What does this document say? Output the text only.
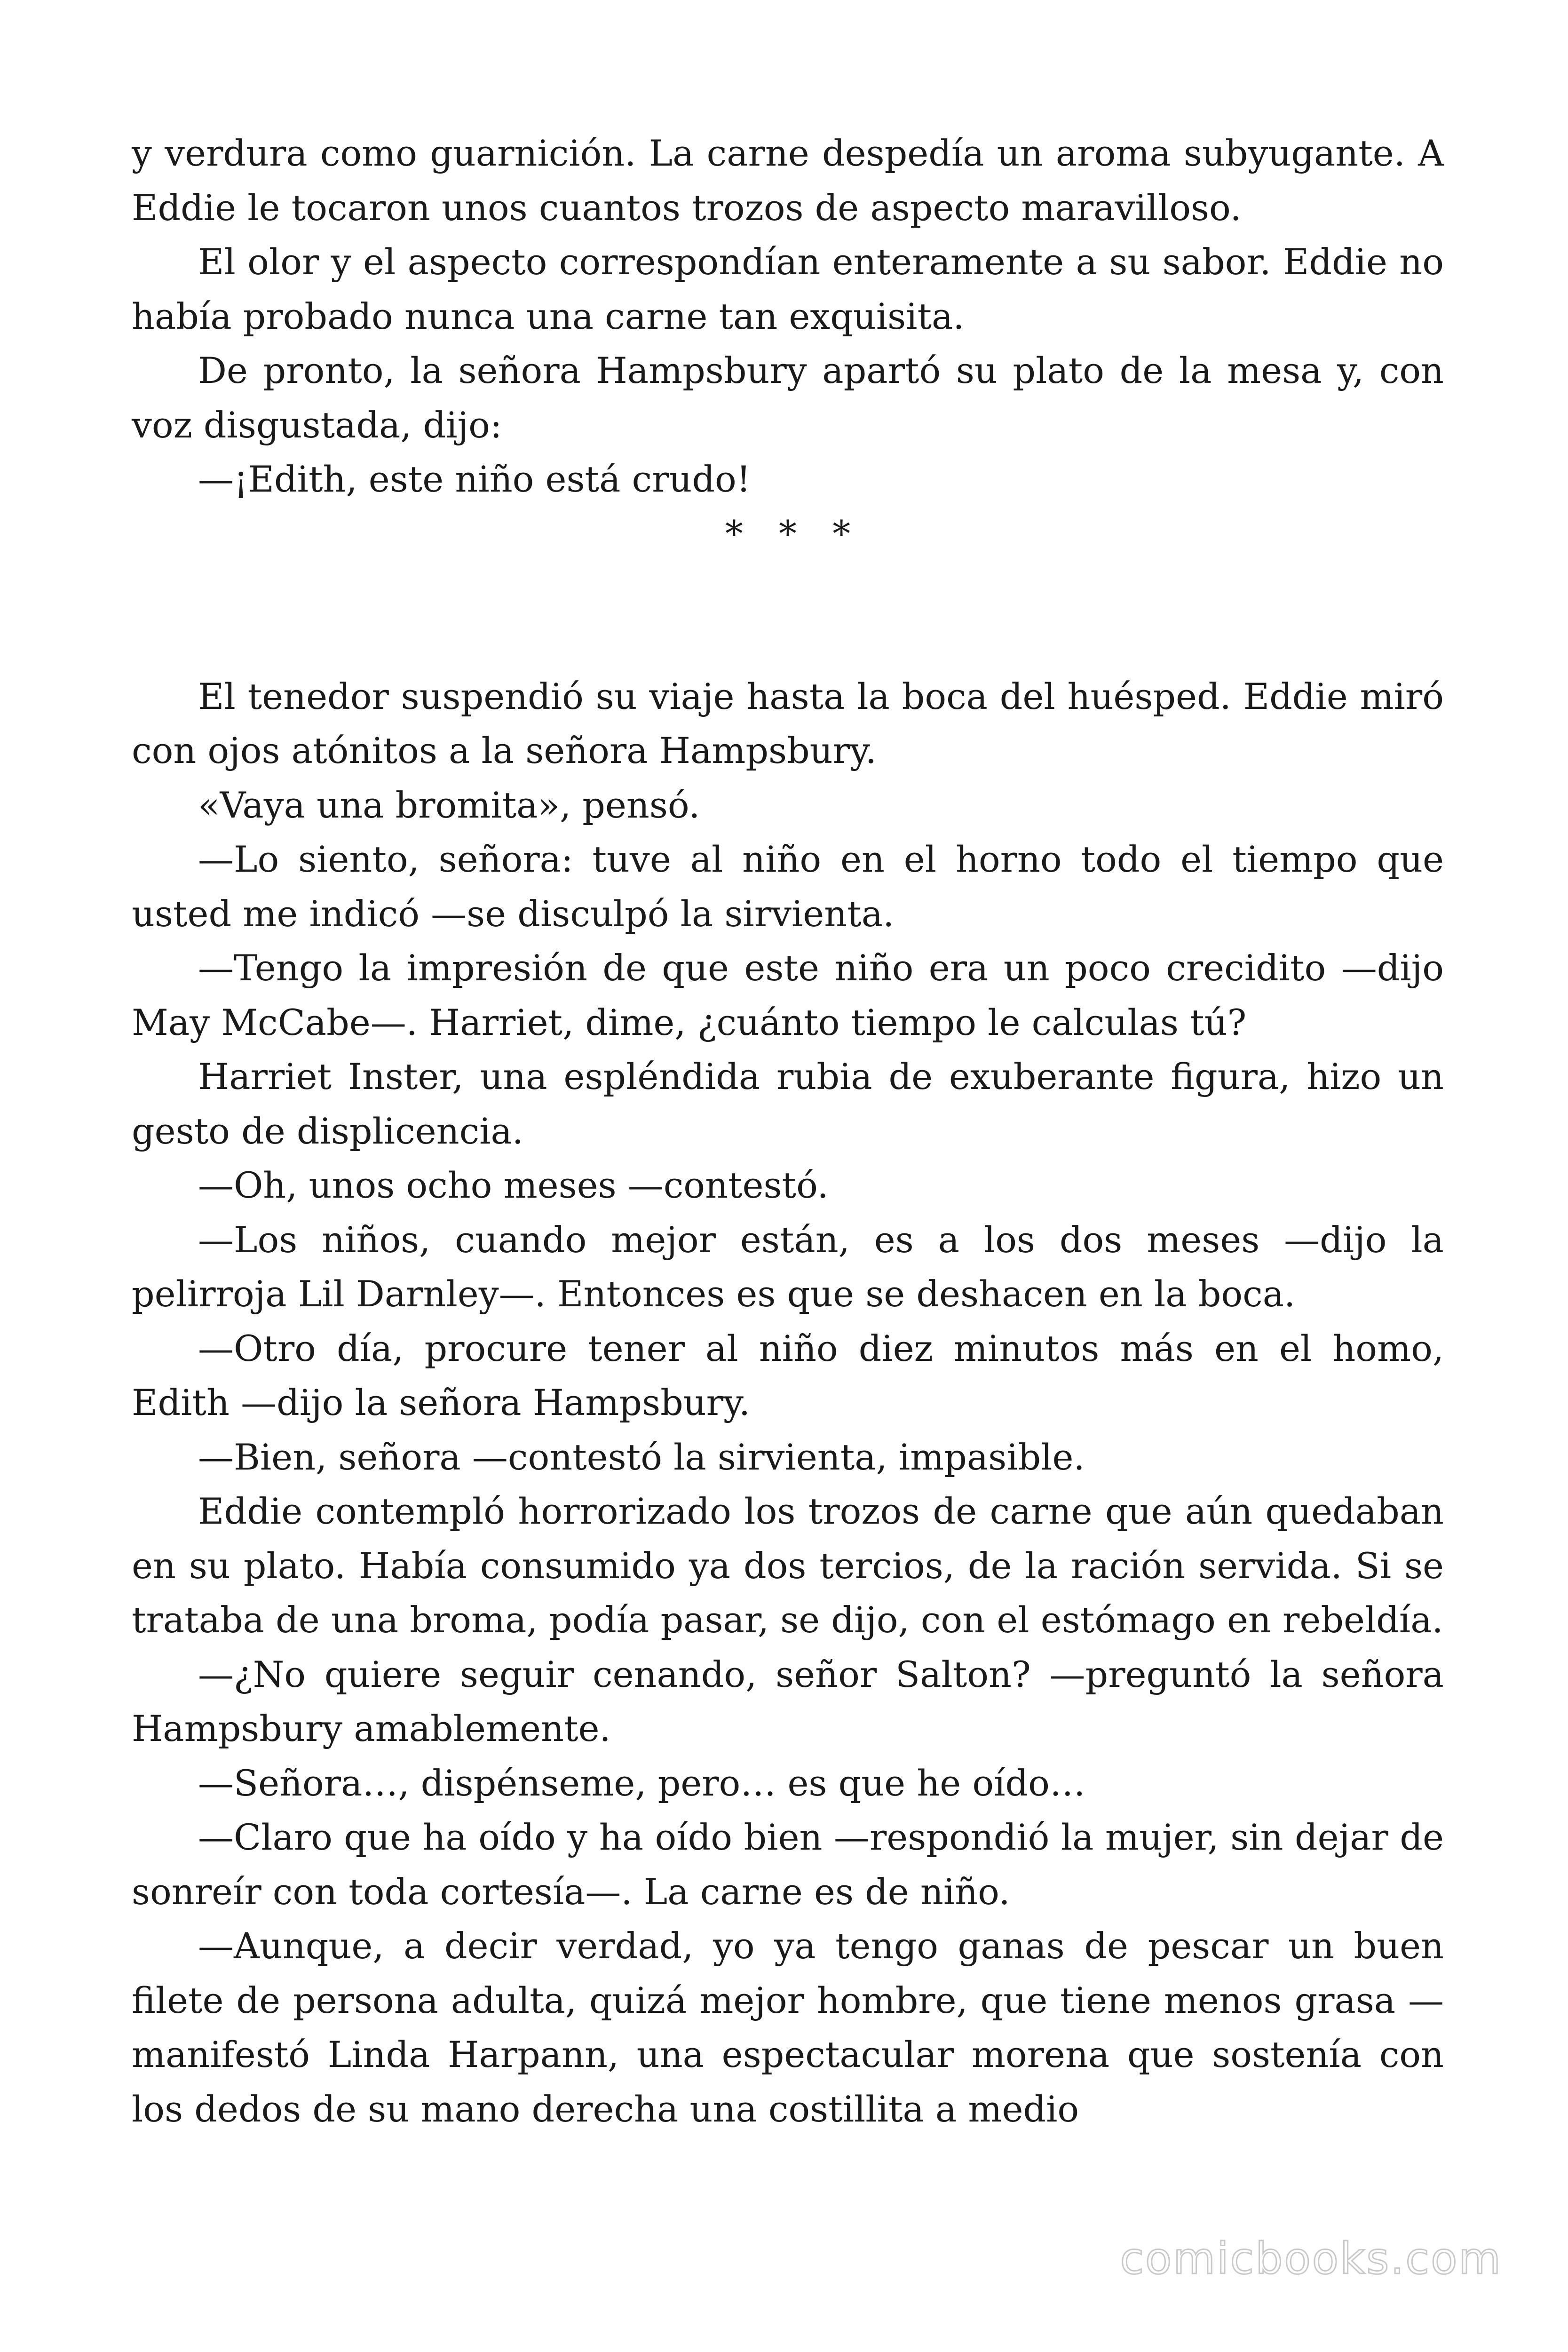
y verdura como guarnición. La carne despedía un aroma subyugante. A Eddie le tocaron unos cuantos trozos de aspecto maravilloso.

El olor y el aspecto correspondían enteramente a su sabor. Eddie no había probado nunca una carne tan exquisita.

De pronto, la señora Hampsbury apartó su plato de la mesa y, con voz disgustada, dijo:

—¡Edith, este niño está crudo!

* * *

El tenedor suspendió su viaje hasta la boca del huésped. Eddie miró con ojos atónitos a la señora Hampsbury.

«Vaya una bromita», pensó.

—Lo siento, señora: tuve al niño en el horno todo el tiempo que usted me indicó —se disculpó la sirvienta.

—Tengo la impresión de que este niño era un poco crecidito —dijo May McCabe—. Harriet, dime, ¿cuánto tiempo le calculas tú?

Harriet Inster, una espléndida rubia de exuberante figura, hizo un gesto de displicencia.

—Oh, unos ocho meses —contestó.

—Los niños, cuando mejor están, es a los dos meses —dijo la pelirroja Lil Darnley—. Entonces es que se deshacen en la boca.

—Otro día, procure tener al niño diez minutos más en el homo, Edith —dijo la señora Hampsbury.

—Bien, señora —contestó la sirvienta, impasible.

Eddie contempló horrorizado los trozos de carne que aún quedaban en su plato. Había consumido ya dos tercios, de la ración servida. Si se trataba de una broma, podía pasar, se dijo, con el estómago en rebeldía.

—¿No quiere seguir cenando, señor Salton? —preguntó la señora Hampsbury amablemente.

—Señora…, dispénseme, pero… es que he oído…

—Claro que ha oído y ha oído bien —respondió la mujer, sin dejar de sonreír con toda cortesía—. La carne es de niño.

—Aunque, a decir verdad, yo ya tengo ganas de pescar un buen filete de persona adulta, quizá mejor hombre, que tiene menos grasa —manifestó Linda Harpann, una espectacular morena que sostenía con los dedos de su mano derecha una costillita a medio

comicbooks.com
